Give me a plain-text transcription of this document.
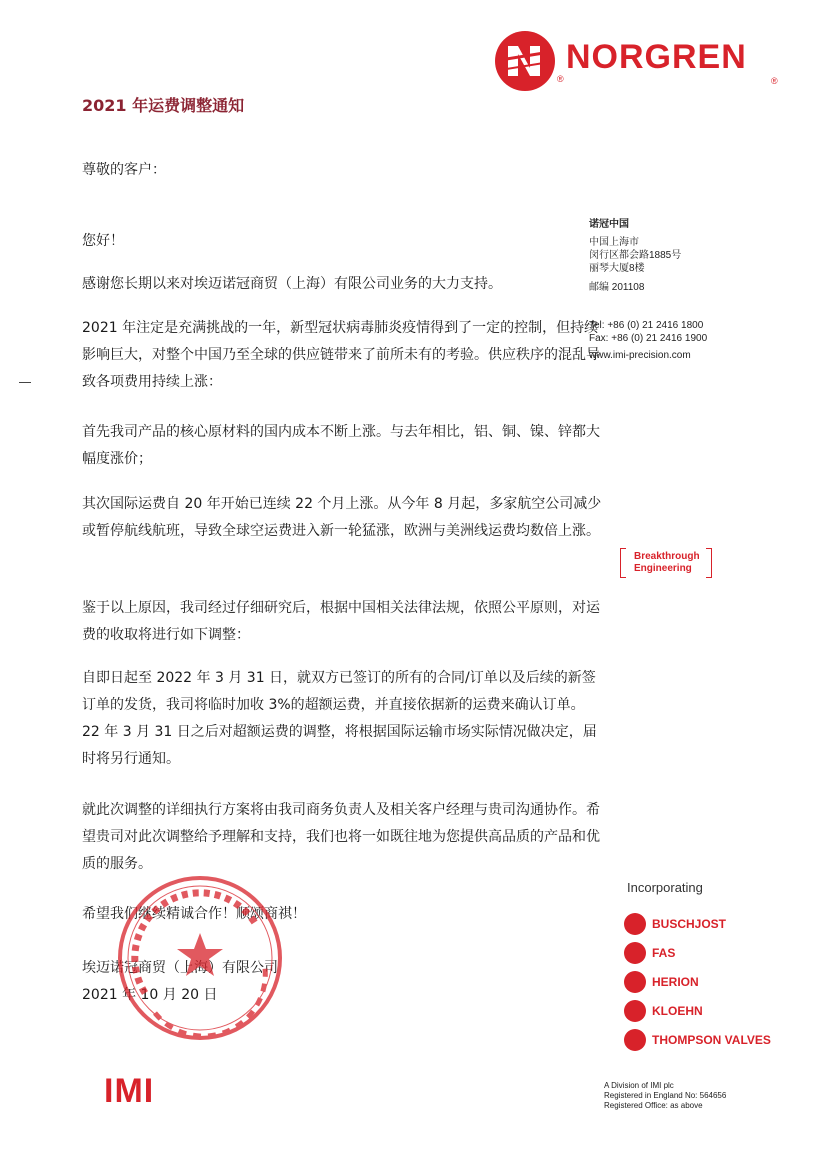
NORGREN
®	®
2021 年运费调整通知
尊敬的客户：
您好！
感谢您长期以来对埃迈诺冠商贸（上海）有限公司业务的大力支持。
2021 年注定是充满挑战的一年，新型冠状病毒肺炎疫情得到了一定的控制，但持续影响巨大，对整个中国乃至全球的供应链带来了前所未有的考验。供应秩序的混乱导致各项费用持续上涨：
首先我司产品的核心原材料的国内成本不断上涨。与去年相比，铝、铜、镍、锌都大幅度涨价；
其次国际运费自 20 年开始已连续 22 个月上涨。从今年 8 月起，多家航空公司减少或暂停航线航班，导致全球空运费进入新一轮猛涨，欧洲与美洲线运费均数倍上涨。
鉴于以上原因，我司经过仔细研究后，根据中国相关法律法规，依照公平原则，对运费的收取将进行如下调整：
自即日起至 2022 年 3 月 31 日，就双方已签订的所有的合同/订单以及后续的新签订单的发货，我司将临时加收 3%的超额运费，并直接依据新的运费来确认订单。22 年 3 月 31 日之后对超额运费的调整，将根据国际运输市场实际情况做决定，届时将另行通知。
就此次调整的详细执行方案将由我司商务负责人及相关客户经理与贵司沟通协作。希望贵司对此次调整给予理解和支持，我们也将一如既往地为您提供高品质的产品和优质的服务。
希望我们继续精诚合作！顺颂商祺！
埃迈诺冠商贸（上海）有限公司
2021 年 10 月 20 日
诺冠中国
中国上海市
闵行区都会路1885号
丽琴大厦8楼
邮编 201108
Tel: +86 (0) 21 2416 1800
Fax: +86 (0) 21 2416 1900
www.imi-precision.com
Breakthrough
Engineering
Incorporating
BUSCHJOST
FAS
HERION
KLOEHN
THOMPSON VALVES
IMI	A Division of IMI plc
Registered in England No: 564656
Registered Office: as above
